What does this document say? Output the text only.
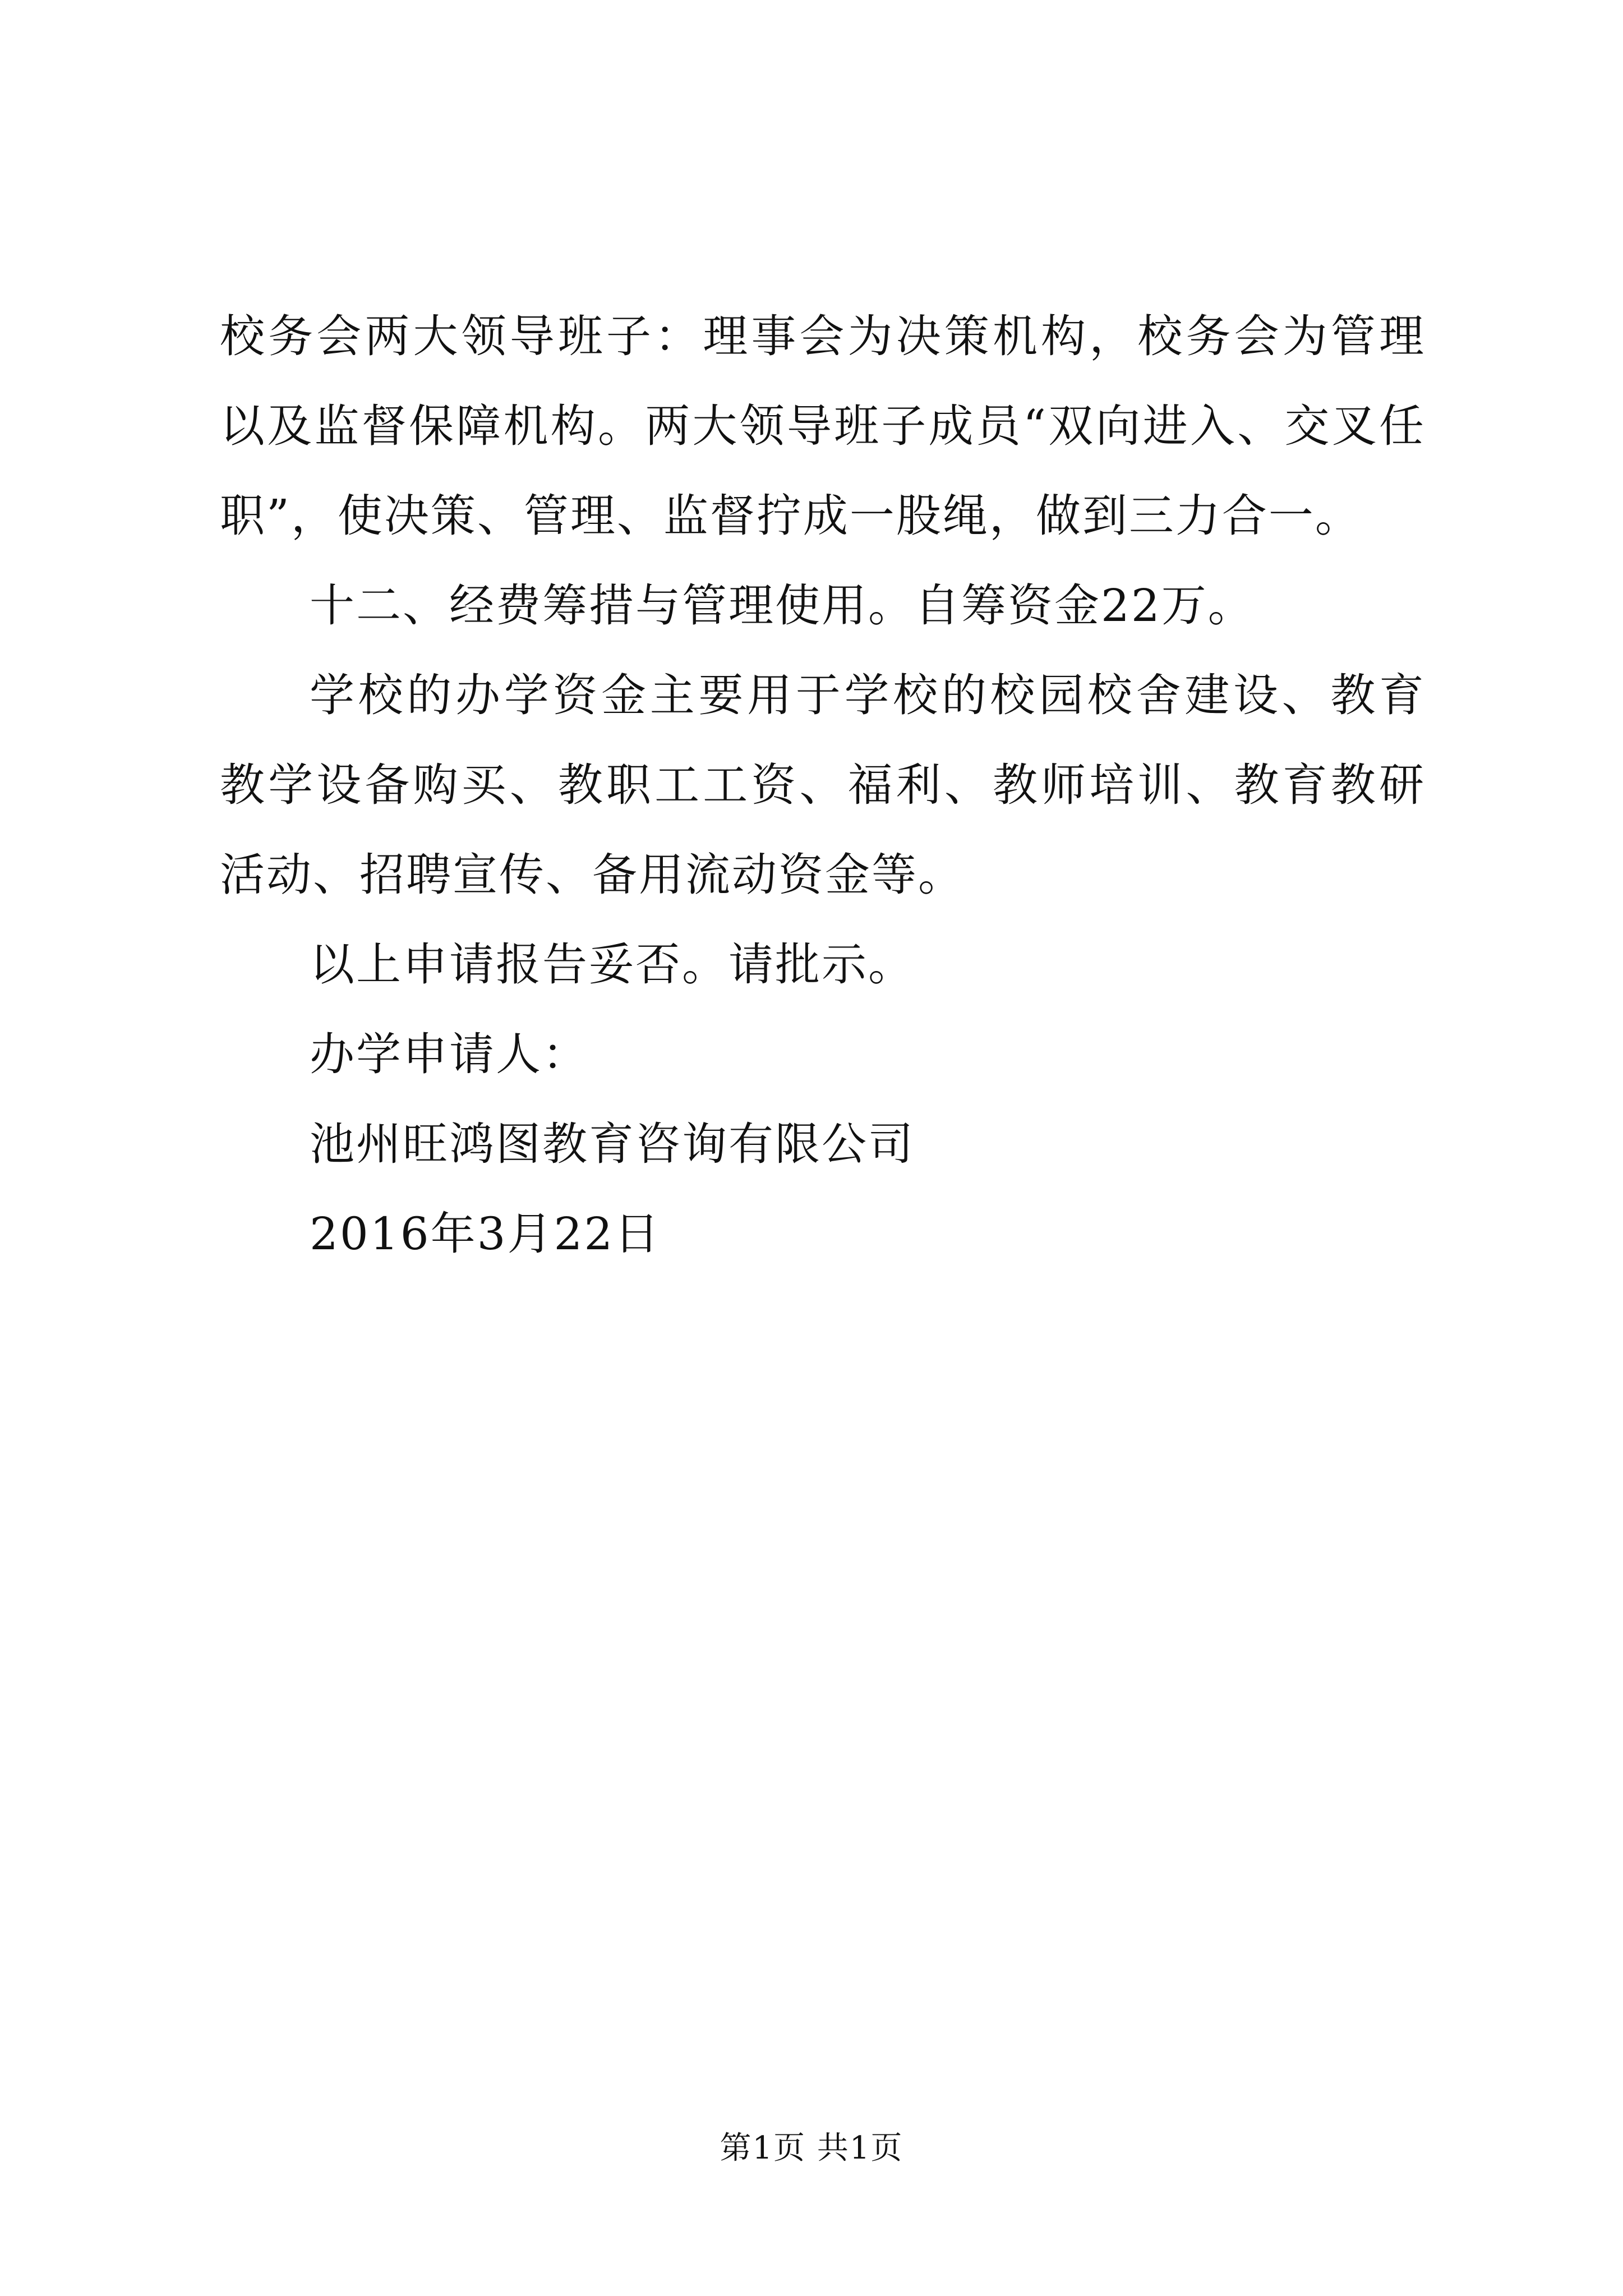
校务会两大领导班子：理事会为决策机构，校务会为管理以及监督保障机构。两大领导班子成员“双向进入、交叉任职”，使决策、管理、监督拧成一股绳，做到三力合一。

十二、经费筹措与管理使用。自筹资金22万。

学校的办学资金主要用于学校的校园校舍建设、教育教学设备购买、教职工工资、福利、教师培训、教育教研活动、招聘宣传、备用流动资金等。

以上申请报告妥否。请批示。

办学申请人：

池州旺鸿图教育咨询有限公司

2016年3月22日

第1页 共1页
